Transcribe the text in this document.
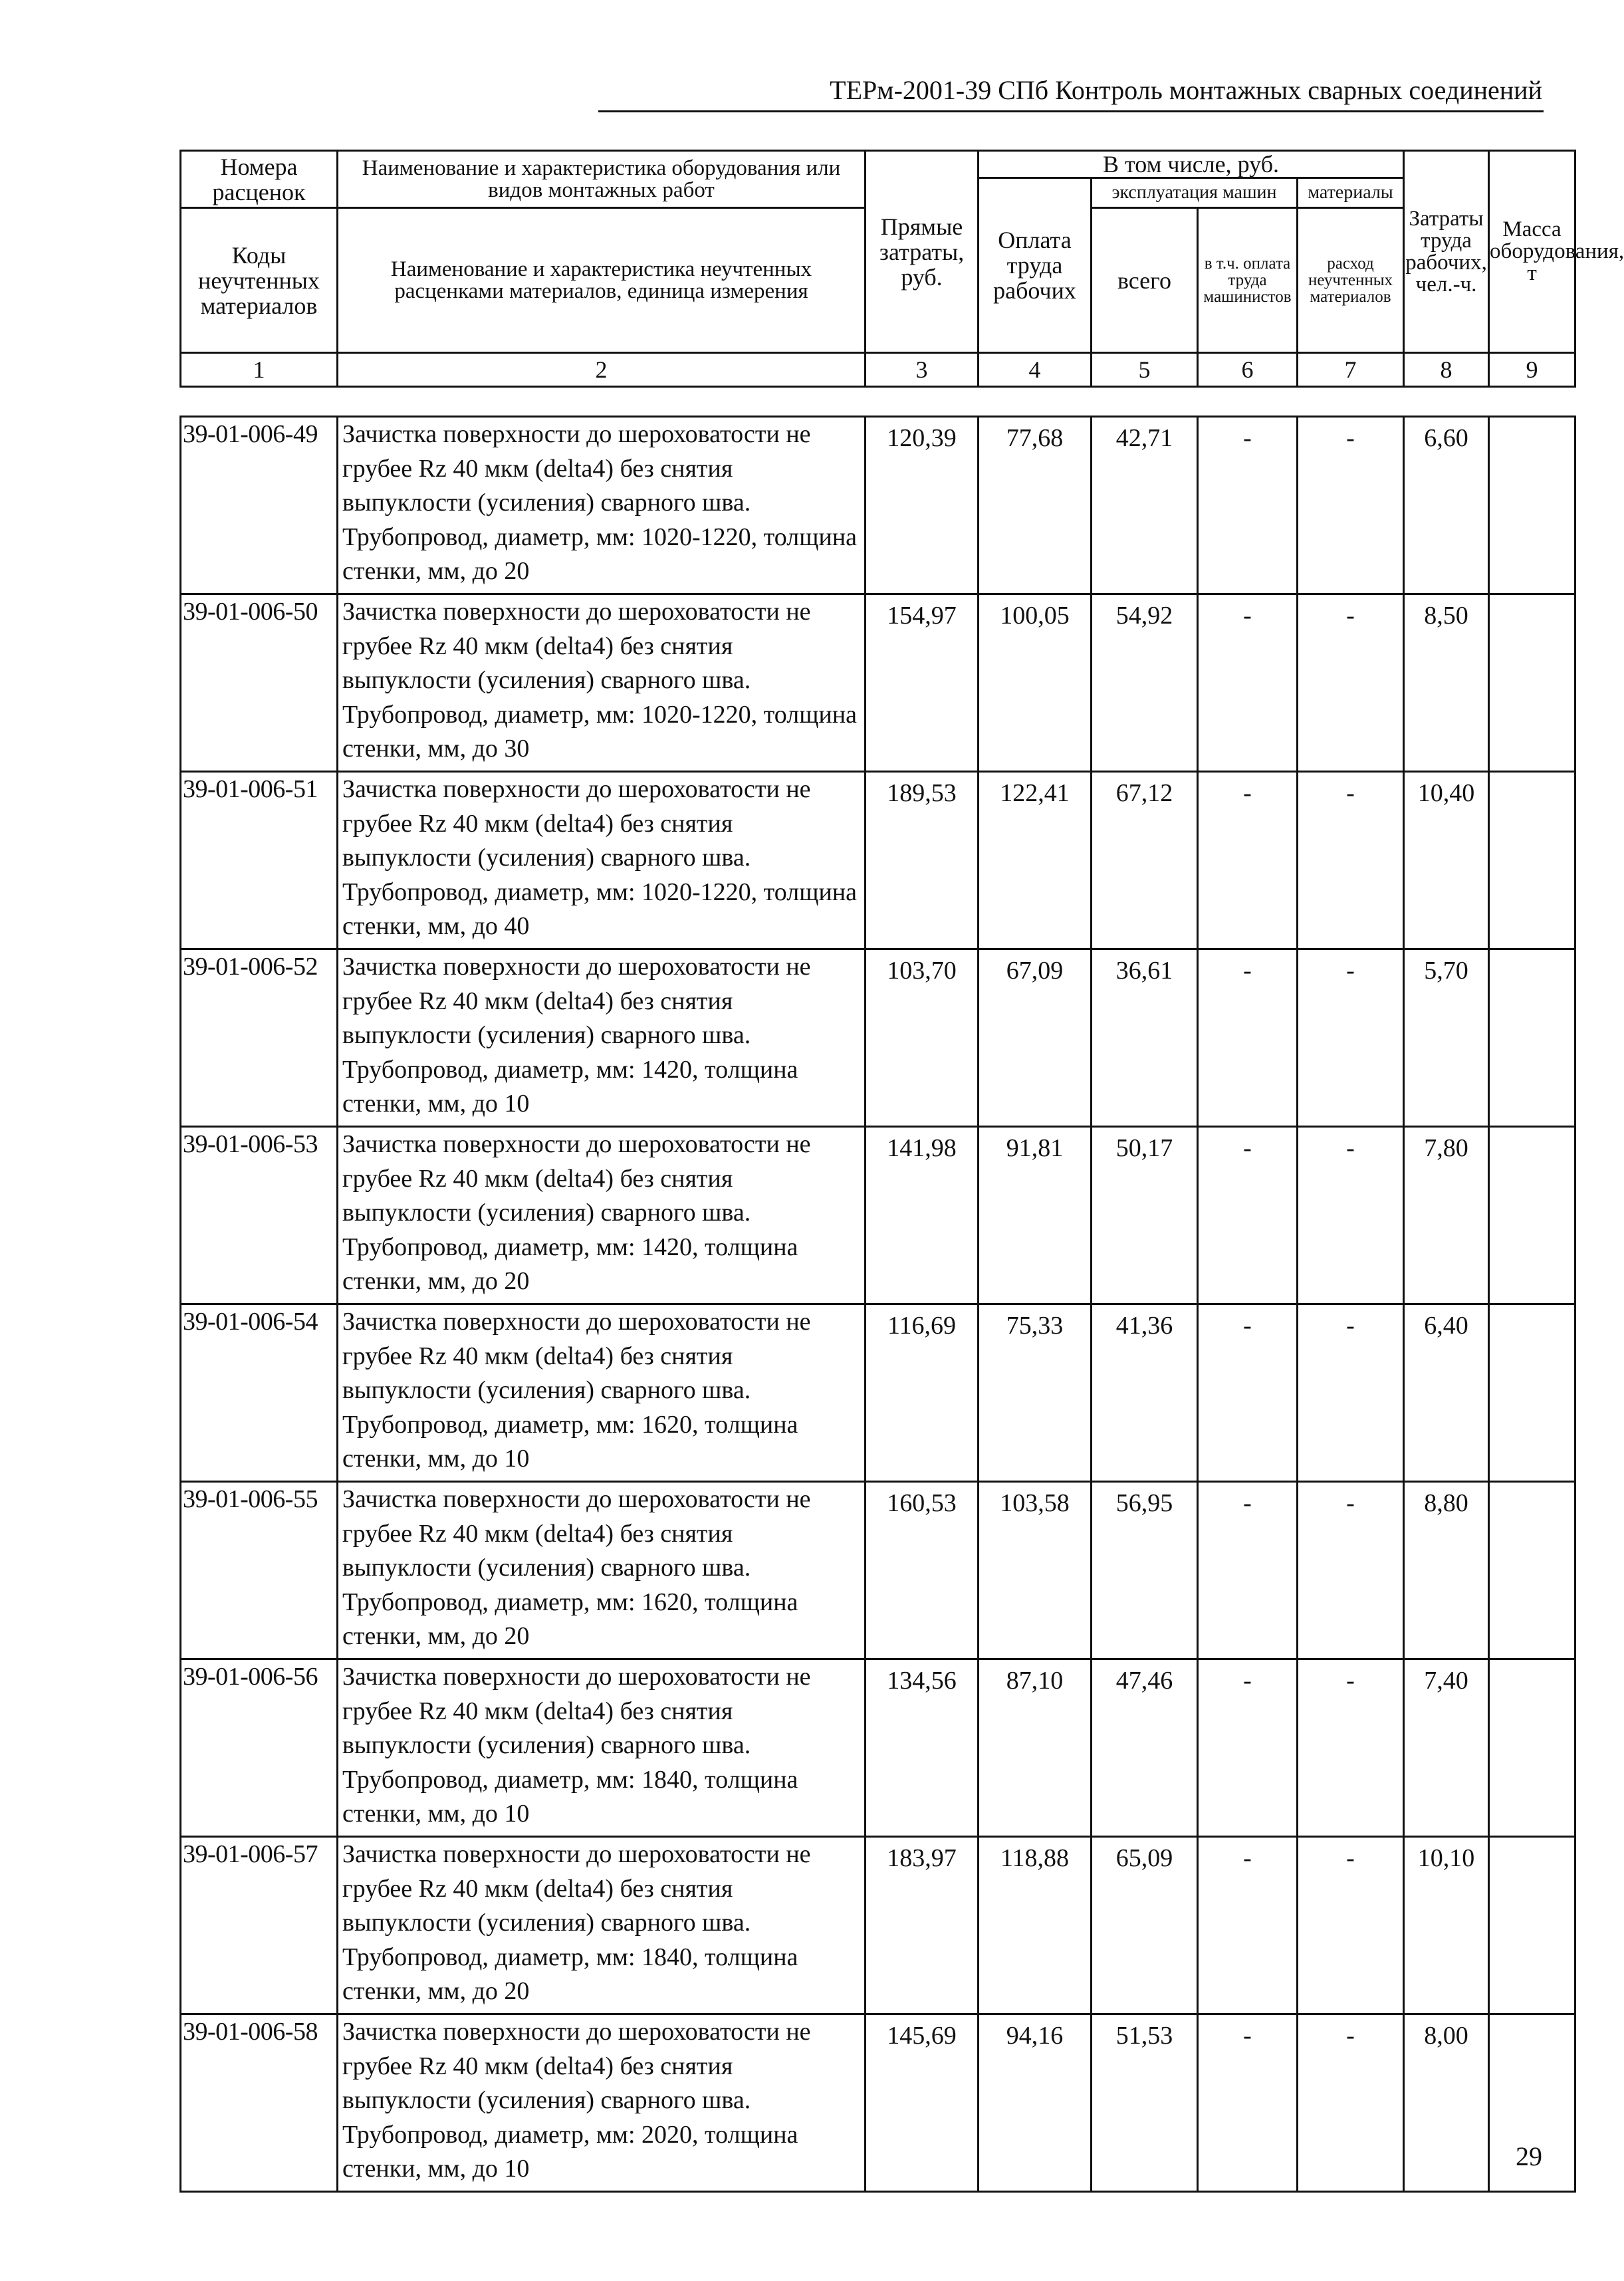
ТЕРм-2001-39 СПб Контроль монтажных сварных соединений
Номера расценок	Наименование и характеристика оборудования или видов монтажных работ	Прямые затраты, руб.	В том числе, руб.				Затраты труда рабочих, чел.-ч.	Масса оборудования, т
			Оплата труда рабочих	эксплуатация машин		материалы		
Коды неучтенных материалов	Наименование и характеристика неучтенных расценками материалов, единица измерения			всего	в т.ч. оплата труда машинистов	расход неучтенных материалов		

1	2	3	4	5	6	7	8	9
39-01-006-49	Зачистка поверхности до шероховатости не грубее Rz 40 мкм (delta4) без снятия выпуклости (усиления) сварного шва. Трубопровод, диаметр, мм: 1020-1220, толщина стенки, мм, до 20	120,39	77,68	42,71	-	-	6,60	
39-01-006-50	Зачистка поверхности до шероховатости не грубее Rz 40 мкм (delta4) без снятия выпуклости (усиления) сварного шва. Трубопровод, диаметр, мм: 1020-1220, толщина стенки, мм, до 30	154,97	100,05	54,92	-	-	8,50	
39-01-006-51	Зачистка поверхности до шероховатости не грубее Rz 40 мкм (delta4) без снятия выпуклости (усиления) сварного шва. Трубопровод, диаметр, мм: 1020-1220, толщина стенки, мм, до 40	189,53	122,41	67,12	-	-	10,40	
39-01-006-52	Зачистка поверхности до шероховатости не грубее Rz 40 мкм (delta4) без снятия выпуклости (усиления) сварного шва. Трубопровод, диаметр, мм: 1420, толщина стенки, мм, до 10	103,70	67,09	36,61	-	-	5,70	
39-01-006-53	Зачистка поверхности до шероховатости не грубее Rz 40 мкм (delta4) без снятия выпуклости (усиления) сварного шва. Трубопровод, диаметр, мм: 1420, толщина стенки, мм, до 20	141,98	91,81	50,17	-	-	7,80	
39-01-006-54	Зачистка поверхности до шероховатости не грубее Rz 40 мкм (delta4) без снятия выпуклости (усиления) сварного шва. Трубопровод, диаметр, мм: 1620, толщина стенки, мм, до 10	116,69	75,33	41,36	-	-	6,40	
39-01-006-55	Зачистка поверхности до шероховатости не грубее Rz 40 мкм (delta4) без снятия выпуклости (усиления) сварного шва. Трубопровод, диаметр, мм: 1620, толщина стенки, мм, до 20	160,53	103,58	56,95	-	-	8,80	
39-01-006-56	Зачистка поверхности до шероховатости не грубее Rz 40 мкм (delta4) без снятия выпуклости (усиления) сварного шва. Трубопровод, диаметр, мм: 1840, толщина стенки, мм, до 10	134,56	87,10	47,46	-	-	7,40	
39-01-006-57	Зачистка поверхности до шероховатости не грубее Rz 40 мкм (delta4) без снятия выпуклости (усиления) сварного шва. Трубопровод, диаметр, мм: 1840, толщина стенки, мм, до 20	183,97	118,88	65,09	-	-	10,10	
39-01-006-58	Зачистка поверхности до шероховатости не грубее Rz 40 мкм (delta4) без снятия выпуклости (усиления) сварного шва. Трубопровод, диаметр, мм: 2020, толщина стенки, мм, до 10	145,69	94,16	51,53	-	-	8,00	
29
